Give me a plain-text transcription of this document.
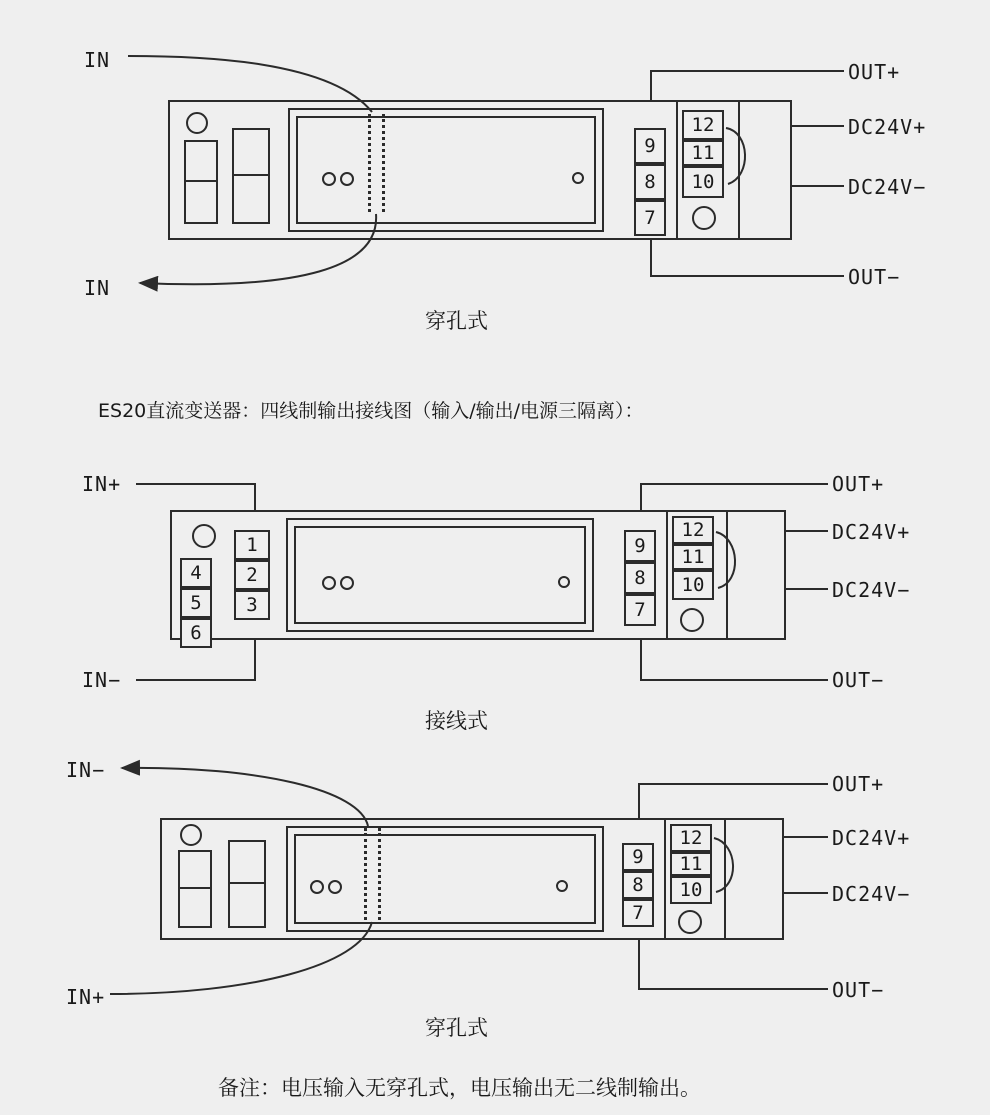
IN
IN
OUT+
DC24V+
DC24V−
OUT−
9
8
7
12
11
10
穿孔式
ES20直流变送器：四线制输出接线图（输入/输出/电源三隔离）：
IN+
IN−
OUT+
DC24V+
DC24V−
OUT−
4
5
6
1
2
3
9
8
7
12
11
10
接线式
IN−
IN+
OUT+
DC24V+
DC24V−
OUT−
9
8
7
12
11
10
穿孔式
备注：电压输入无穿孔式，电压输出无二线制输出。
